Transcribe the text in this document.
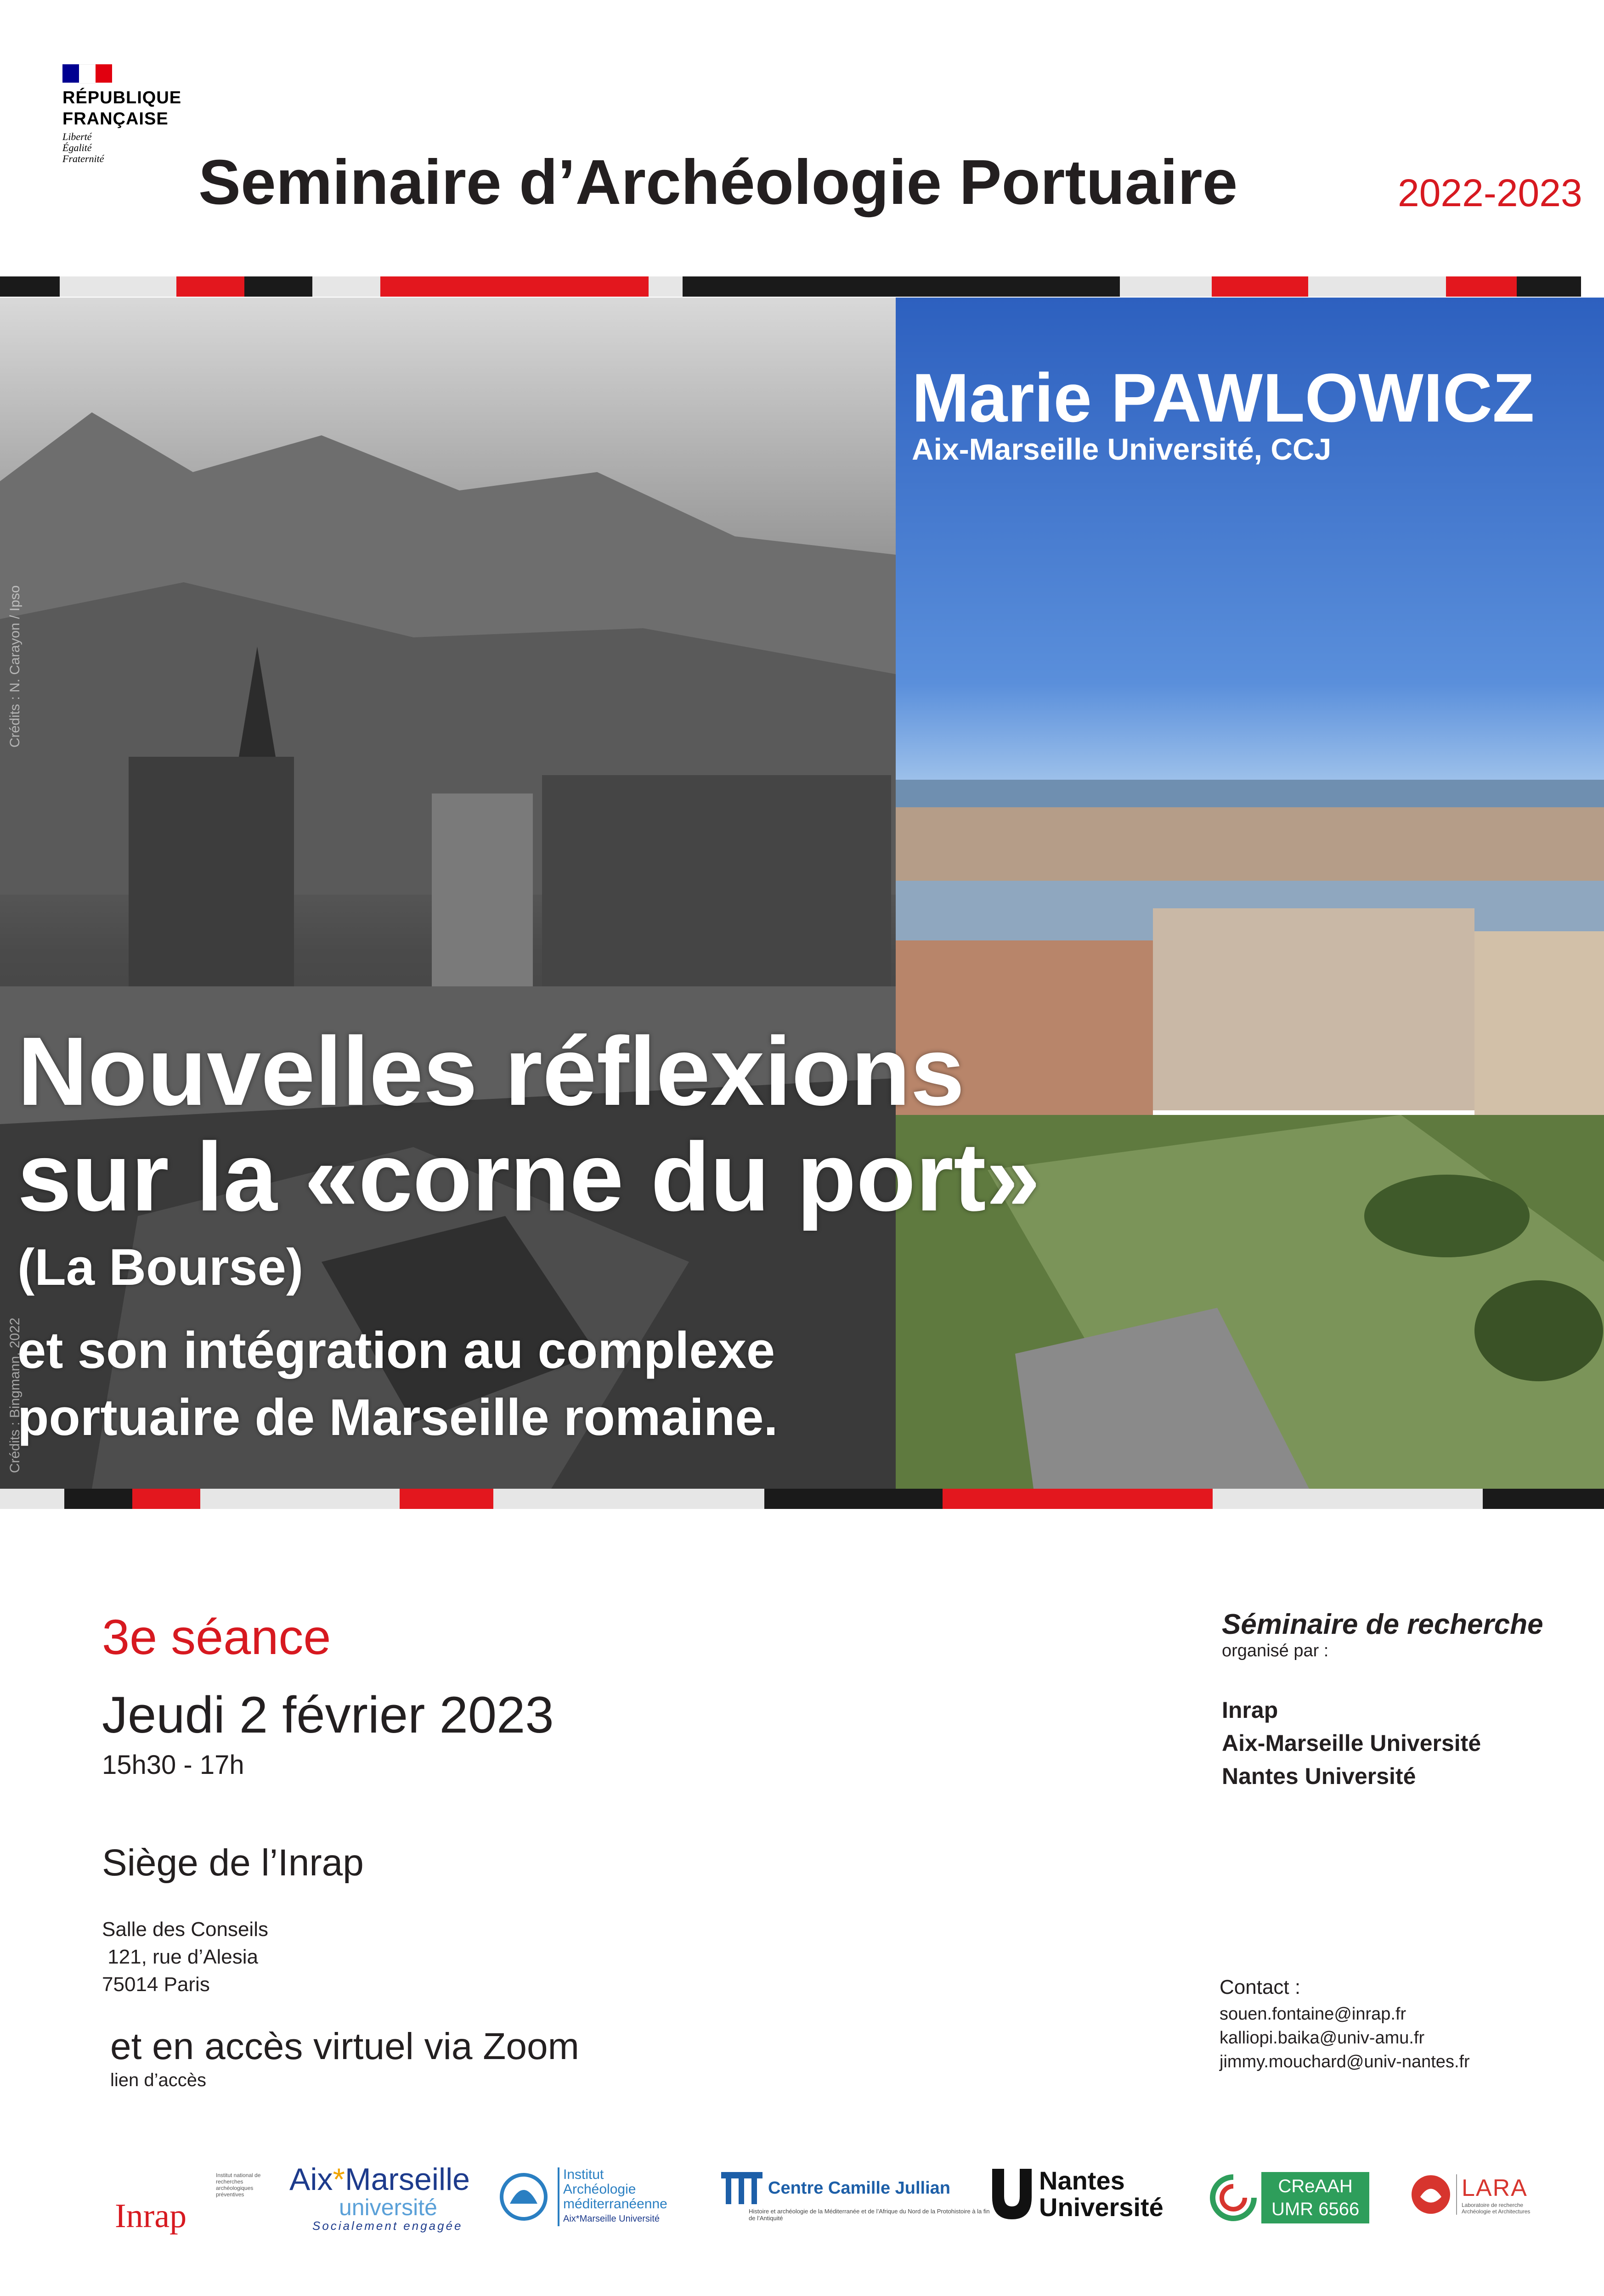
RÉPUBLIQUE
FRANÇAISE
Liberté
Égalité
Fraternité Seminaire d’Archéologie Portuaire	2022-2023
Crédits : N. Carayon / Ipso
Crédits : Bingmann, 2022
Marie PAWLOWICZ
Aix-Marseille Université, CCJ
Nouvelles réflexions
sur la «corne du port»
(La Bourse)
et son intégration au complexe
portuaire de Marseille romaine.
3e séance
Jeudi 2 février 2023
15h30 - 17h
Siège de l’Inrap
Salle des Conseils
121, rue d’Alesia
75014 Paris
et en accès virtuel via Zoom
lien d’accès
Séminaire de recherche
organisé par :
Inrap
Aix-Marseille Université
Nantes Université
Contact :
souen.fontaine@inrap.fr
kalliopi.baika@univ-amu.fr
jimmy.mouchard@univ-nantes.fr
Inrap
Institut national de recherches archéologiques préventives	Aix*Marseille
université
Socialement engagée
Institut
Archéologie
méditerranéenne
Aix*Marseille Université
Centre Camille Jullian
Histoire et archéologie de la Méditerranée et de l’Afrique du Nord de la Protohistoire à la fin de l’Antiquité
Nantes
Université
CReAAH
UMR 6566
LARA
Laboratoire de recherche Archéologie et Architectures
